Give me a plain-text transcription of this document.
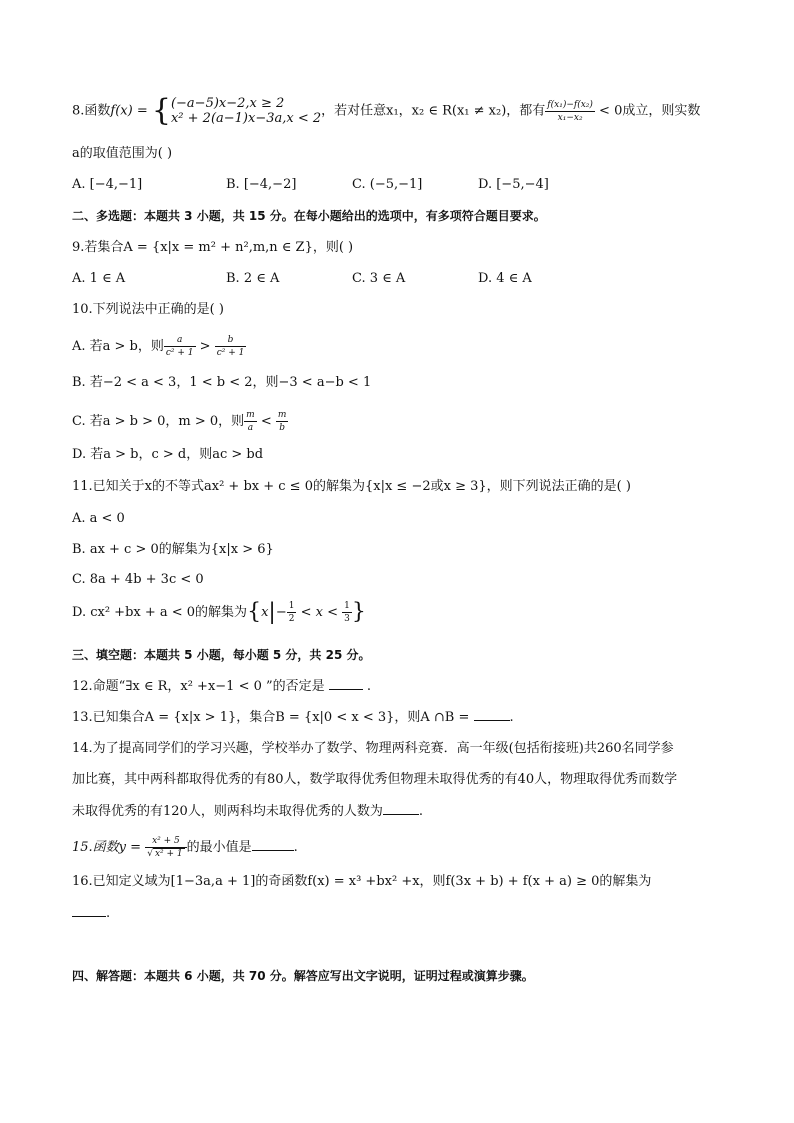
8.函数f(x) = { (−a−5)x−2,x ≥ 2
x² + 2(a−1)x−3a,x < 2 ，若对任意x₁，x₂ ∈ R(x₁ ≠ x₂)，都有 $\frac{\text{f(x₁)−f(x₂)}}{\text{x₁−x₂}} < 0$成立，则实数
a的取值范围为( )
A. [−4,−1]	B. [−4,−2]	C. (−5,−1]	D. [−5,−4]
二、多选题：本题共 3 小题，共 15 分。在每小题给出的选项中，有多项符合题目要求。
9.若集合A = {x|x = m² + n²,m,n ∈ Z}，则( )
A. 1 ∈ A	B. 2 ∈ A	C. 3 ∈ A	D. 4 ∈ A
10.下列说法中正确的是( )
A. 若a > b，则 $\frac{a}{\text{c² + 1}} > \frac{b}{\text{c² + 1}}$
B. 若−2 < a < 3，1 < b < 2，则−3 < a−b < 1
C. 若a > b > 0，m > 0，则 $\frac{m}{a} < \frac{m}{b}$
D. 若a > b，c > d，则ac > bd
11.已知关于x的不等式ax² + bx + c ≤ 0的解集为{x|x ≤ −2或x ≥ 3}，则下列说法正确的是( )
A. a < 0
B. ax + c > 0的解集为{x|x > 6}
C. 8a + 4b + 3c < 0
D. cx² +bx + a < 0的解集为{$x|- \frac{1}{2} < x < \frac{1}{3}$ }
三、填空题：本题共 5 小题，每小题 5 分，共 25 分。
12.命题“∃x ∈ R，x² +x−1 < 0 ”的否定是	.
13.已知集合A = {x|x > 1}，集合B = {x|0 < x < 3}，则A ∩B =	.
14.为了提高同学们的学习兴趣，学校举办了数学、物理两科竞赛．高一年级(包括衔接班)共260名同学参
加比赛，其中两科都取得优秀的有80人，数学取得优秀但物理未取得优秀的有40人，物理取得优秀而数学
未取得优秀的有120人，则两科均未取得优秀的人数为	.
15.函数$y = \frac{\text{x² + 5}}{\text{√ x² + 1}}$ 的最小值是	.
16.已知定义域为[1−3a,a + 1]的奇函数f(x) = x³ +bx² +x，则f(3x + b) + f(x + a) ≥ 0的解集为
.
四、解答题：本题共 6 小题，共 70 分。解答应写出文字说明，证明过程或演算步骤。
